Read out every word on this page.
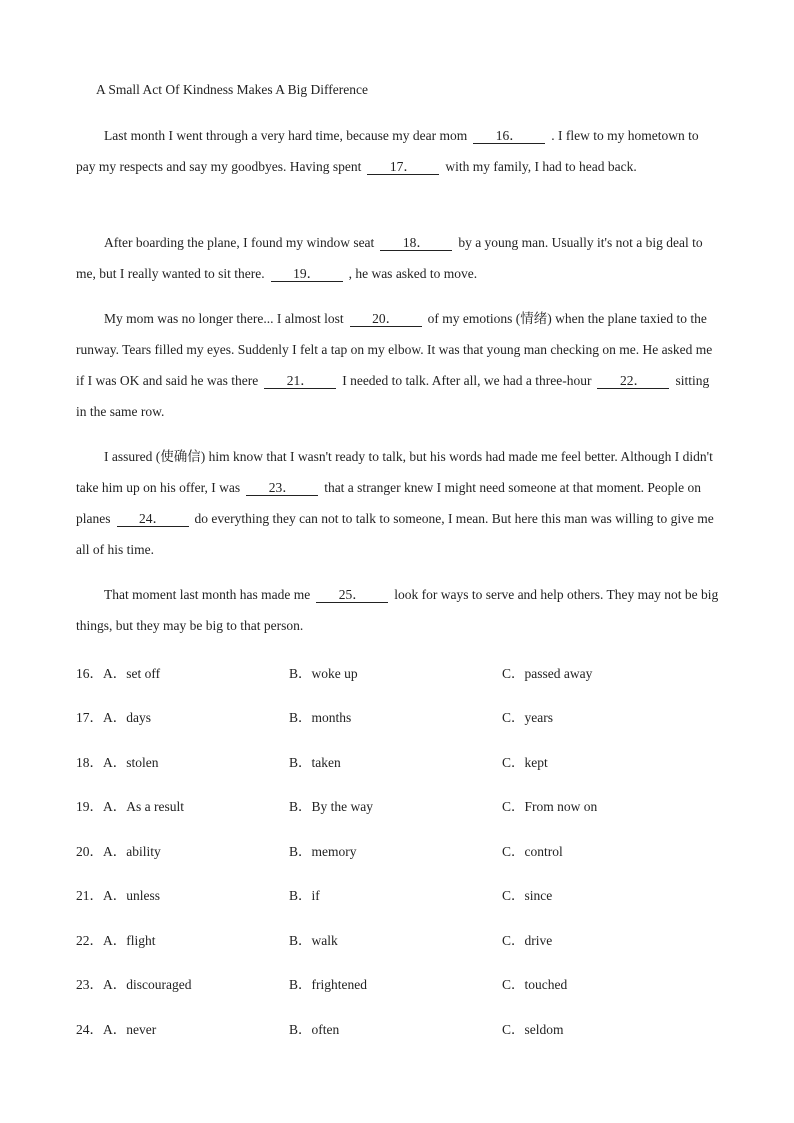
A Small Act Of Kindness Makes A Big Difference
Last month I went through a very hard time, because my dear mom 16． . I flew to my hometown to pay my respects and say my goodbyes. Having spent 17． with my family, I had to head back.
After boarding the plane, I found my window seat 18． by a young man. Usually it's not a big deal to me, but I really wanted to sit there. 19． , he was asked to move.
My mom was no longer there... I almost lost 20． of my emotions (情绪) when the plane taxied to the runway. Tears filled my eyes. Suddenly I felt a tap on my elbow. It was that young man checking on me. He asked me if I was OK and said he was there 21． I needed to talk. After all, we had a three-hour 22． sitting in the same row.
I assured (使确信) him know that I wasn't ready to talk, but his words had made me feel better. Although I didn't take him up on his offer, I was 23． that a stranger knew I might need someone at that moment. People on planes 24． do everything they can not to talk to someone, I mean. But here this man was willing to give me all of his time.
That moment last month has made me 25． look for ways to serve and help others. They may not be big things, but they may be big to that person.
16．A．set off	B．woke up	C．passed away
17．A．days	B．months	C．years
18．A．stolen	B．taken	C．kept
19．A．As a result	B．By the way	C．From now on
20．A．ability	B．memory	C．control
21．A．unless	B．if	C．since
22．A．flight	B．walk	C．drive
23．A．discouraged	B．frightened	C．touched
24．A．never	B．often	C．seldom
